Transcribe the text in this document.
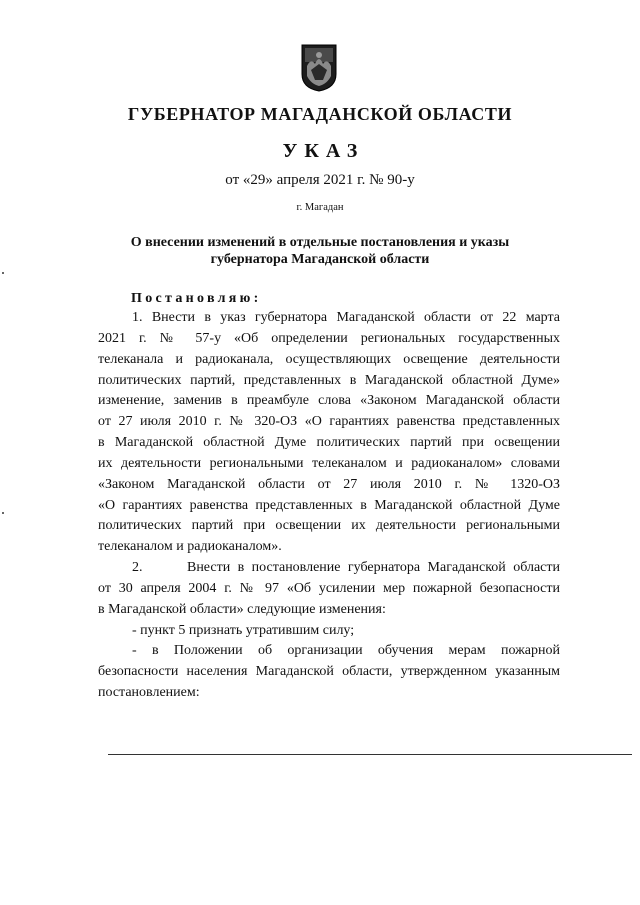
ГУБЕРНАТОР МАГАДАНСКОЙ ОБЛАСТИ
УКАЗ
от «29» апреля 2021 г. № 90-у
г. Магадан
О внесении изменений в отдельные постановления и указы
губернатора Магаданской области
Постановляю:
1. Внести в указ губернатора Магаданской области от 22 марта
2021 г. № 57-у «Об определении региональных государственных
телеканала и радиоканала, осуществляющих освещение деятельности
политических партий, представленных в Магаданской областной Думе»
изменение, заменив в преамбуле слова «Законом Магаданской области
от 27 июля 2010 г. № 320-ОЗ «О гарантиях равенства представленных
в Магаданской областной Думе политических партий при освещении
их деятельности региональными телеканалом и радиоканалом» словами
«Законом Магаданской области от 27 июля 2010 г. № 1320-ОЗ
«О гарантиях равенства представленных в Магаданской областной Думе
политических партий при освещении их деятельности региональными
телеканалом и радиоканалом».
2.      Внести в постановление губернатора Магаданской области
от 30 апреля 2004 г. № 97 «Об усилении мер пожарной безопасности
в Магаданской области» следующие изменения:
- пункт 5 признать утратившим силу;
- в Положении об организации обучения мерам пожарной
безопасности населения Магаданской области, утвержденном указанным
постановлением:
